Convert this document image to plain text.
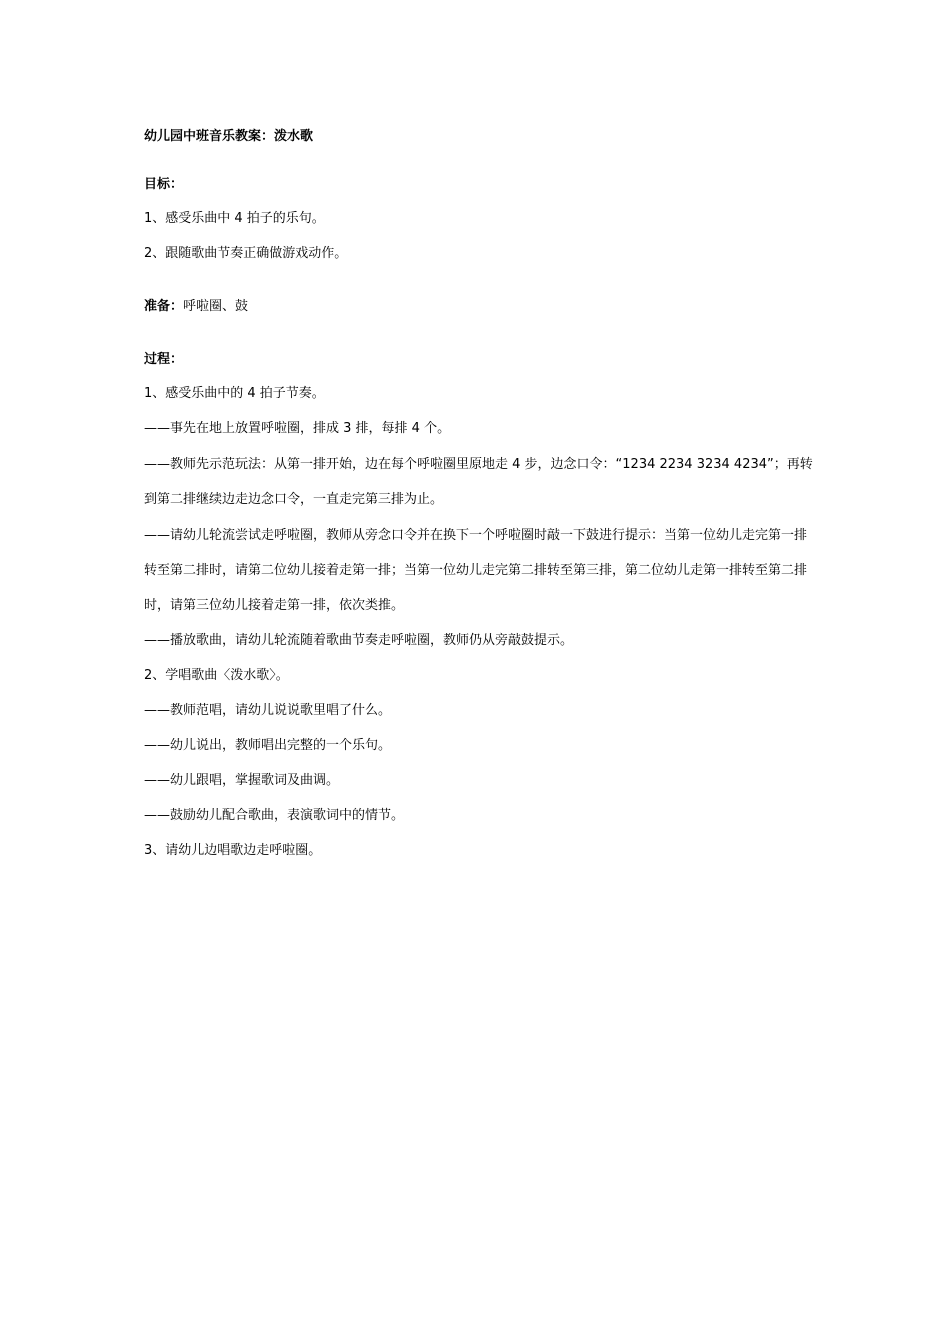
幼儿园中班音乐教案：泼水歌
目标：
1、感受乐曲中 4 拍子的乐句。
2、跟随歌曲节奏正确做游戏动作。
准备：呼啦圈、鼓
过程：
1、感受乐曲中的 4 拍子节奏。
——事先在地上放置呼啦圈，排成 3 排，每排 4 个。
——教师先示范玩法：从第一排开始，边在每个呼啦圈里原地走 4 步，边念口令：“1234 2234 3234 4234”；再转到第二排继续边走边念口令，一直走完第三排为止。
——请幼儿轮流尝试走呼啦圈，教师从旁念口令并在换下一个呼啦圈时敲一下鼓进行提示：当第一位幼儿走完第一排转至第二排时，请第二位幼儿接着走第一排；当第一位幼儿走完第二排转至第三排，第二位幼儿走第一排转至第二排时，请第三位幼儿接着走第一排，依次类推。
——播放歌曲，请幼儿轮流随着歌曲节奏走呼啦圈，教师仍从旁敲鼓提示。
2、学唱歌曲〈泼水歌〉。
——教师范唱，请幼儿说说歌里唱了什么。
——幼儿说出，教师唱出完整的一个乐句。
——幼儿跟唱，掌握歌词及曲调。
——鼓励幼儿配合歌曲，表演歌词中的情节。
3、请幼儿边唱歌边走呼啦圈。
